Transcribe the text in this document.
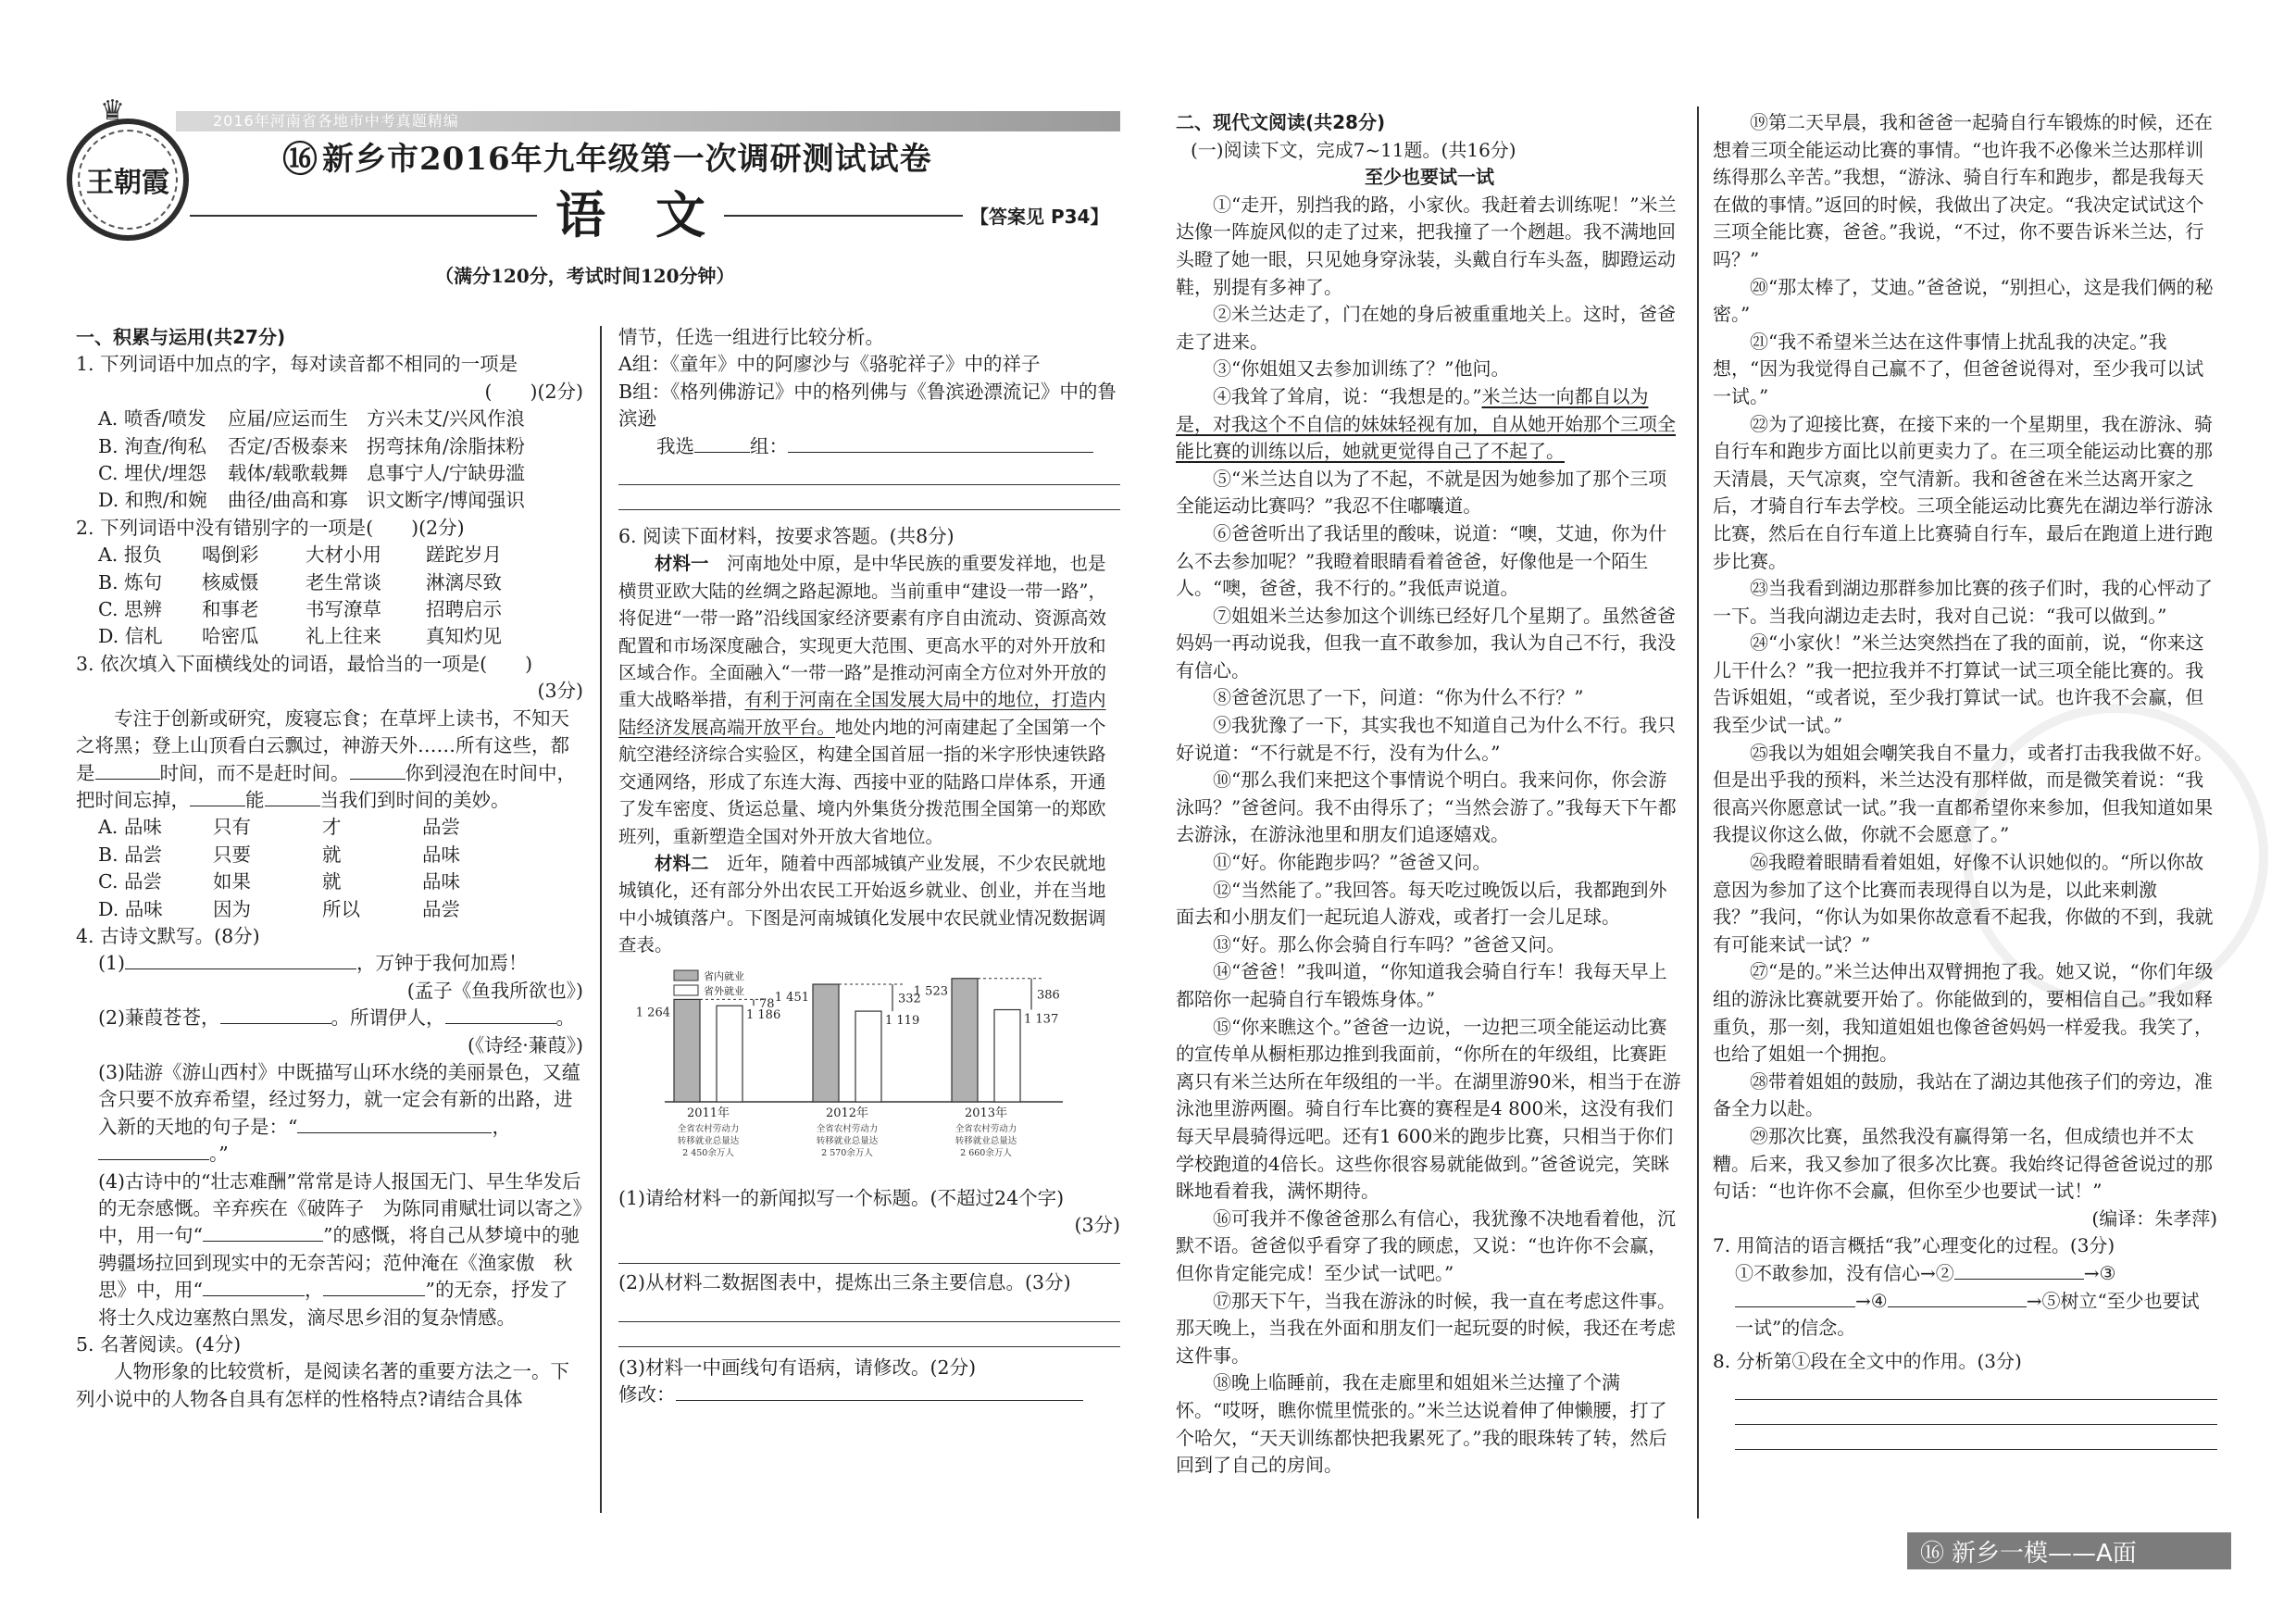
2016年河南省各地市中考真题精编
王朝霞
♛
⑯ 新乡市2016年九年级第一次调研测试试卷
语　文	【答案见 P34】
（满分120分，考试时间120分钟）

一、积累与运用(共27分)

1. 下列词语中加点的字，每对读音都不相同的一项是

(　　)(2分)

A. 喷香/喷发	应届/应运而生 方兴未艾/兴风作浪
B. 洵查/徇私	否定/否极泰来 拐弯抹角/涂脂抹粉
C. 埋伏/埋怨	载体/载歌载舞 息事宁人/宁缺毋滥
D. 和煦/和婉	曲径/曲高和寡 识文断字/博闻强识

2. 下列词语中没有错别字的一项是(　　)(2分)

A. 报负	喝倒彩	大材小用	蹉跎岁月
B. 炼句	核威慑	老生常谈	淋漓尽致
C. 思辨	和事老	书写潦草	招聘启示
D. 信札	哈密瓜	礼上往来	真知灼见

3. 依次填入下面横线处的词语，最恰当的一项是(　　)

(3分)

专注于创新或研究，废寝忘食；在草坪上读书，不知天之将黑；登上山顶看白云飘过，神游天外……所有这些，都是	时间，而不是赶时间。	你到浸泡在时间中，把时间忘掉，	能	当我们到时间的美妙。

A. 品味	只有	才	品尝
B. 品尝	只要	就	品味
C. 品尝	如果	就	品味
D. 品味	因为	所以	品尝

4. 古诗文默写。(8分)

(1)	，万钟于我何加焉！

(孟子《鱼我所欲也》)

(2)蒹葭苍苍，	。所谓伊人，	。

(《诗经·蒹葭》)

(3)陆游《游山西村》中既描写山环水绕的美丽景色，又蕴含只要不放弃希望，经过努力，就一定会有新的出路，进入新的天地的句子是：“	，。”

(4)古诗中的“壮志难酬”常常是诗人报国无门、早生华发后的无奈感慨。辛弃疾在《破阵子　为陈同甫赋壮词以寄之》中，用一句“	”的感慨，将自己从梦境中的驰骋疆场拉回到现实中的无奈苦闷；范仲淹在《渔家傲　秋思》中，用“	，	”的无奈，抒发了将士久戍边塞熬白黑发，滴尽思乡泪的复杂情感。

5. 名著阅读。(4分)

人物形象的比较赏析，是阅读名著的重要方法之一。下列小说中的人物各自具有怎样的性格特点?请结合具体

情节，任选一组进行比较分析。

A组：《童年》中的阿廖沙与《骆驼祥子》中的祥子

B组：《格列佛游记》中的格列佛与《鲁滨逊漂流记》中的鲁滨逊

我选	组：

6. 阅读下面材料，按要求答题。(共8分)

材料一　 河南地处中原，是中华民族的重要发祥地，也是横贯亚欧大陆的丝绸之路起源地。当前重申“建设一带一路”，将促进“一带一路”沿线国家经济要素有序自由流动、资源高效配置和市场深度融合，实现更大范围、更高水平的对外开放和区域合作。全面融入“一带一路”是推动河南全方位对外开放的重大战略举措，有利于河南在全国发展大局中的地位，打造内陆经济发展高端开放平台。地处内地的河南建起了全国第一个航空港经济综合实验区，构建全国首屈一指的米字形快速铁路交通网络，形成了东连大海、西接中亚的陆路口岸体系，开通了发车密度、货运总量、境内外集货分拨范围全国第一的郑欧班列，重新塑造全国对外开放大省地位。

材料二　 近年，随着中西部城镇产业发展，不少农民就地城镇化，还有部分外出农民工开始返乡就业、创业，并在当地中小城镇落户。下图是河南城镇化发展中农民就业情况数据调查表。

省内就业
省外就业
1 264	1 186
78
2011年
全省农村劳动力
转移就业总量达
2 450余万人
1 451
1 119
332
2012年
全省农村劳动力
转移就业总量达
2 570余万人
1 523
1 137
386
2013年
全省农村劳动力
转移就业总量达
2 660余万人

(1)请给材料一的新闻拟写一个标题。(不超过24个字)

(3分)

(2)从材料二数据图表中，提炼出三条主要信息。(3分)

(3)材料一中画线句有语病，请修改。(2分)

修改：

二、现代文阅读(共28分)

(一)阅读下文，完成7~11题。(共16分)

至少也要试一试

①“走开，别挡我的路，小家伙。我赶着去训练呢！”米兰达像一阵旋风似的走了过来，把我撞了一个趔趄。我不满地回头瞪了她一眼，只见她身穿泳装，头戴自行车头盔，脚蹬运动鞋，别提有多神了。

②米兰达走了，门在她的身后被重重地关上。这时，爸爸走了进来。

③“你姐姐又去参加训练了？”他问。

④我耸了耸肩，说：“我想是的。”米兰达一向都自以为是，对我这个不自信的妹妹轻视有加，自从她开始那个三项全能比赛的训练以后，她就更觉得自己了不起了。

⑤“米兰达自以为了不起，不就是因为她参加了那个三项全能运动比赛吗？”我忍不住嘟囔道。

⑥爸爸听出了我话里的酸味，说道：“噢，艾迪，你为什么不去参加呢？”我瞪着眼睛看着爸爸，好像他是一个陌生人。“噢，爸爸，我不行的。”我低声说道。

⑦姐姐米兰达参加这个训练已经好几个星期了。虽然爸爸妈妈一再动说我，但我一直不敢参加，我认为自己不行，我没有信心。

⑧爸爸沉思了一下，问道：“你为什么不行？”

⑨我犹豫了一下，其实我也不知道自己为什么不行。我只好说道：“不行就是不行，没有为什么。”

⑩“那么我们来把这个事情说个明白。我来问你，你会游泳吗？”爸爸问。我不由得乐了；“当然会游了。”我每天下午都去游泳，在游泳池里和朋友们追逐嬉戏。

⑪“好。你能跑步吗？”爸爸又问。

⑫“当然能了。”我回答。每天吃过晚饭以后，我都跑到外面去和小朋友们一起玩追人游戏，或者打一会儿足球。

⑬“好。那么你会骑自行车吗？”爸爸又问。

⑭“爸爸！”我叫道，“你知道我会骑自行车！我每天早上都陪你一起骑自行车锻炼身体。”

⑮“你来瞧这个。”爸爸一边说，一边把三项全能运动比赛的宣传单从橱柜那边推到我面前，“你所在的年级组，比赛距离只有米兰达所在年级组的一半。在湖里游90米，相当于在游泳池里游两圈。骑自行车比赛的赛程是4 800米，这没有我们每天早晨骑得远吧。还有1 600米的跑步比赛，只相当于你们学校跑道的4倍长。这些你很容易就能做到。”爸爸说完，笑眯眯地看着我，满怀期待。

⑯可我并不像爸爸那么有信心，我犹豫不决地看着他，沉默不语。爸爸似乎看穿了我的顾虑，又说：“也许你不会赢，但你肯定能完成！至少试一试吧。”

⑰那天下午，当我在游泳的时候，我一直在考虑这件事。那天晚上，当我在外面和朋友们一起玩耍的时候，我还在考虑这件事。

⑱晚上临睡前，我在走廊里和姐姐米兰达撞了个满怀。“哎呀，瞧你慌里慌张的。”米兰达说着伸了伸懒腰，打了个哈欠，“天天训练都快把我累死了。”我的眼珠转了转，然后回到了自己的房间。

⑲第二天早晨，我和爸爸一起骑自行车锻炼的时候，还在想着三项全能运动比赛的事情。“也许我不必像米兰达那样训练得那么辛苦。”我想，“游泳、骑自行车和跑步，都是我每天在做的事情。”返回的时候，我做出了决定。“我决定试试这个三项全能比赛，爸爸。”我说，“不过，你不要告诉米兰达，行吗？”

⑳“那太棒了，艾迪。”爸爸说，“别担心，这是我们俩的秘密。”

㉑“我不希望米兰达在这件事情上扰乱我的决定。”我想，“因为我觉得自己赢不了，但爸爸说得对，至少我可以试一试。”

㉒为了迎接比赛，在接下来的一个星期里，我在游泳、骑自行车和跑步方面比以前更卖力了。在三项全能运动比赛的那天清晨，天气凉爽，空气清新。我和爸爸在米兰达离开家之后，才骑自行车去学校。三项全能运动比赛先在湖边举行游泳比赛，然后在自行车道上比赛骑自行车，最后在跑道上进行跑步比赛。

㉓当我看到湖边那群参加比赛的孩子们时，我的心怦动了一下。当我向湖边走去时，我对自己说：“我可以做到。”

㉔“小家伙！”米兰达突然挡在了我的面前，说，“你来这儿干什么？”我一把拉我并不打算试一试三项全能比赛的。我告诉姐姐，“或者说，至少我打算试一试。也许我不会赢，但我至少试一试。”

㉕我以为姐姐会嘲笑我自不量力，或者打击我我做不好。但是出乎我的预料，米兰达没有那样做，而是微笑着说：“我很高兴你愿意试一试。”我一直都希望你来参加，但我知道如果我提议你这么做，你就不会愿意了。”

㉖我瞪着眼睛看着姐姐，好像不认识她似的。“所以你故意因为参加了这个比赛而表现得自以为是，以此来刺激我？”我问，“你认为如果你故意看不起我，你做的不到，我就有可能来试一试？”

㉗“是的。”米兰达伸出双臂拥抱了我。她又说，“你们年级组的游泳比赛就要开始了。你能做到的，要相信自己。”我如释重负，那一刻，我知道姐姐也像爸爸妈妈一样爱我。我笑了，也给了姐姐一个拥抱。

㉘带着姐姐的鼓励，我站在了湖边其他孩子们的旁边，准备全力以赴。

㉙那次比赛，虽然我没有赢得第一名，但成绩也并不太糟。后来，我又参加了很多次比赛。我始终记得爸爸说过的那句话：“也许你不会赢，但你至少也要试一试！”

(编译：朱孝萍)

7. 用简洁的语言概括“我”心理变化的过程。(3分)

①不敢参加，没有信心→②	→③→④	→⑤树立“至少也要试一试”的信念。

8. 分析第①段在全文中的作用。(3分)

⑯ 新乡一模——A面
